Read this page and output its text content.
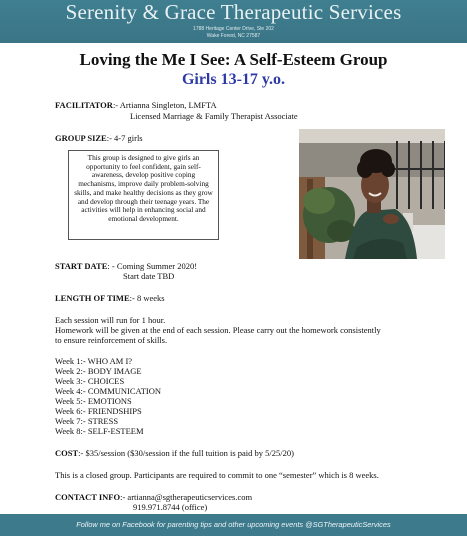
Serenity & Grace Therapeutic Services
1788 Heritage Center Drive, Ste 202
Wake Forest, NC 27587
Loving the Me I See: A Self-Esteem Group
Girls 13-17 y.o.
FACILITATOR:- Artianna Singleton, LMFTA
Licensed Marriage & Family Therapist Associate
GROUP SIZE:- 4-7 girls
This group is designed to give girls an opportunity to feel confident, gain self-awareness, develop positive coping mechanisms, improve daily problem-solving skills, and make healthy decisions as they grow and develop through their teenage years. The activities will help in enhancing social and emotional development.
START DATE: - Coming Summer 2020!
Start date TBD
LENGTH OF TIME:- 8 weeks
Each session will run for 1 hour.
Homework will be given at the end of each session. Please carry out the homework consistently
to ensure reinforcement of skills.
Week 1:- WHO AM I?
Week 2:- BODY IMAGE
Week 3:- CHOICES
Week 4:- COMMUNICATION
Week 5:- EMOTIONS
Week 6:- FRIENDSHIPS
Week 7:- STRESS
Week 8:- SELF-ESTEEM
COST:- $35/session ($30/session if the full tuition is paid by 5/25/20)
This is a closed group. Participants are required to commit to one “semester” which is 8 weeks.
CONTACT INFO:- artianna@sgtherapeuticservices.com
919.971.8744 (office)
Follow me on Facebook for parenting tips and other upcoming events @SGTherapeuticServices
